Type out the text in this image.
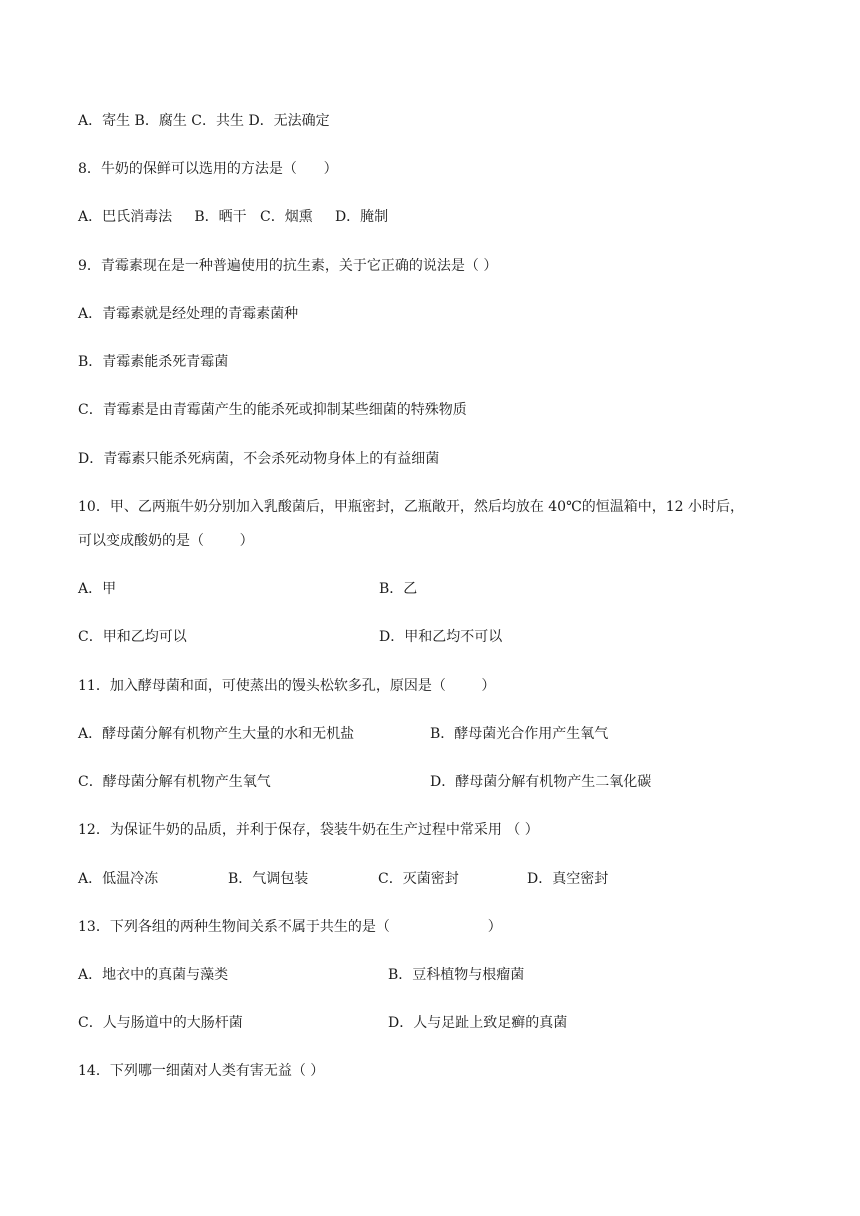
A．寄生 B．腐生 C．共生 D．无法确定
8．牛奶的保鲜可以选用的方法是（      ）
A．巴氏消毒法     B．晒干   C．烟熏     D．腌制
9．青霉素现在是一种普遍使用的抗生素，关于它正确的说法是（ ）
A．青霉素就是经处理的青霉素菌种
B．青霉素能杀死青霉菌
C．青霉素是由青霉菌产生的能杀死或抑制某些细菌的特殊物质
D．青霉素只能杀死病菌，不会杀死动物身体上的有益细菌
10．甲、乙两瓶牛奶分别加入乳酸菌后，甲瓶密封，乙瓶敞开，然后均放在 40℃的恒温箱中，12 小时后，
可以变成酸奶的是（        ）
A．甲	B．乙
C．甲和乙均可以	D．甲和乙均不可以
11．加入酵母菌和面，可使蒸出的馒头松软多孔，原因是（        ）
A．酵母菌分解有机物产生大量的水和无机盐	B．酵母菌光合作用产生氧气
C．酵母菌分解有机物产生氧气	D．酵母菌分解有机物产生二氧化碳
12．为保证牛奶的品质，并利于保存，袋装牛奶在生产过程中常采用 （ ）
A．低温冷冻	B．气调包装	C．灭菌密封	D．真空密封
13．下列各组的两种生物间关系不属于共生的是（                      ）
A．地衣中的真菌与藻类	B．豆科植物与根瘤菌
C．人与肠道中的大肠杆菌	D．人与足趾上致足癣的真菌
14．下列哪一细菌对人类有害无益（ ）
